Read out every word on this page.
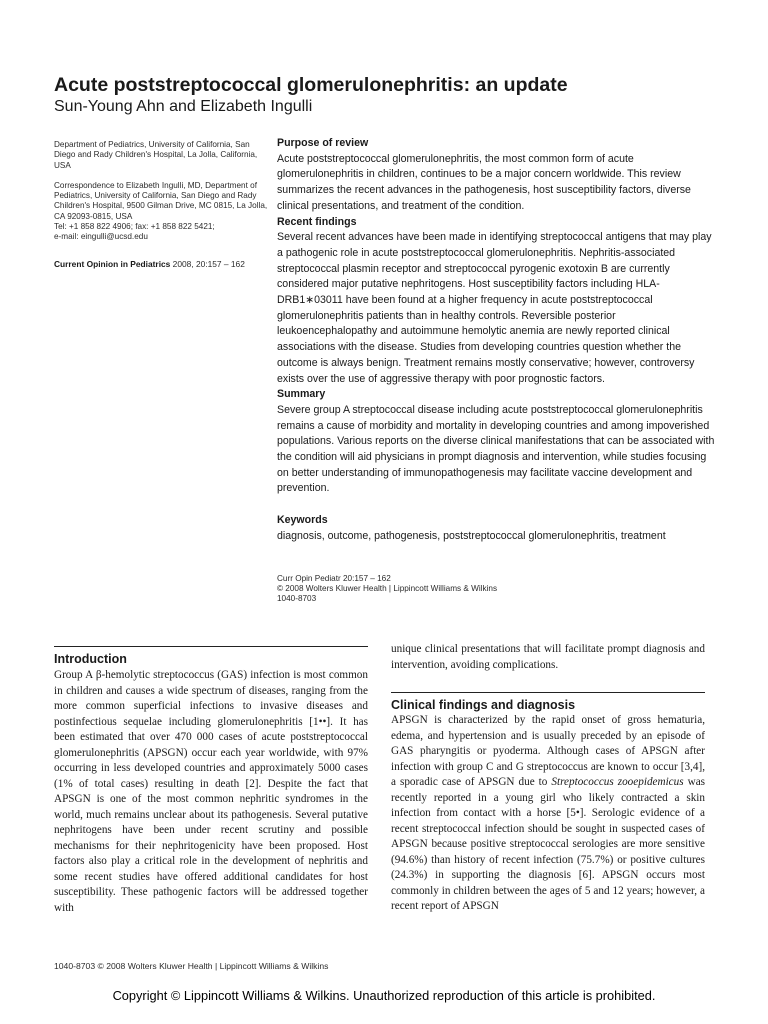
Acute poststreptococcal glomerulonephritis: an update
Sun-Young Ahn and Elizabeth Ingulli

Department of Pediatrics, University of California, San Diego and Rady Children's Hospital, La Jolla, California, USA

Correspondence to Elizabeth Ingulli, MD, Department of Pediatrics, University of California, San Diego and Rady Children's Hospital, 9500 Gilman Drive, MC 0815, La Jolla, CA 92093-0815, USA
Tel: +1 858 822 4906; fax: +1 858 822 5421;
e-mail: eingulli@ucsd.edu

Current Opinion in Pediatrics 2008, 20:157 – 162

Purpose of review

Acute poststreptococcal glomerulonephritis, the most common form of acute glomerulonephritis in children, continues to be a major concern worldwide. This review summarizes the recent advances in the pathogenesis, host susceptibility factors, diverse clinical presentations, and treatment of the condition.

Recent findings

Several recent advances have been made in identifying streptococcal antigens that may play a pathogenic role in acute poststreptococcal glomerulonephritis. Nephritis-associated streptococcal plasmin receptor and streptococcal pyrogenic exotoxin B are currently considered major putative nephritogens. Host susceptibility factors including HLA-DRB1∗03011 have been found at a higher frequency in acute poststreptococcal glomerulonephritis patients than in healthy controls. Reversible posterior leukoencephalopathy and autoimmune hemolytic anemia are newly reported clinical associations with the disease. Studies from developing countries question whether the outcome is always benign. Treatment remains mostly conservative; however, controversy exists over the use of aggressive therapy with poor prognostic factors.

Summary

Severe group A streptococcal disease including acute poststreptococcal glomerulonephritis remains a cause of morbidity and mortality in developing countries and among impoverished populations. Various reports on the diverse clinical manifestations that can be associated with the condition will aid physicians in prompt diagnosis and intervention, while studies focusing on better understanding of immunopathogenesis may facilitate vaccine development and prevention.

Keywords

diagnosis, outcome, pathogenesis, poststreptococcal glomerulonephritis, treatment

Curr Opin Pediatr 20:157 – 162
© 2008 Wolters Kluwer Health | Lippincott Williams & Wilkins
1040-8703
Introduction

Group A β-hemolytic streptococcus (GAS) infection is most common in children and causes a wide spectrum of diseases, ranging from the more common superficial infections to invasive diseases and postinfectious sequelae including glomerulonephritis [1••]. It has been estimated that over 470 000 cases of acute poststreptococcal glomerulonephritis (APSGN) occur each year worldwide, with 97% occurring in less developed countries and approximately 5000 cases (1% of total cases) resulting in death [2]. Despite the fact that APSGN is one of the most common nephritic syndromes in the world, much remains unclear about its pathogenesis. Several putative nephritogens have been under recent scrutiny and possible mechanisms for their nephritogenicity have been proposed. Host factors also play a critical role in the development of nephritis and some recent studies have offered additional candidates for host susceptibility. These pathogenic factors will be addressed together with

unique clinical presentations that will facilitate prompt diagnosis and intervention, avoiding complications.

Clinical findings and diagnosis

APSGN is characterized by the rapid onset of gross hematuria, edema, and hypertension and is usually preceded by an episode of GAS pharyngitis or pyoderma. Although cases of APSGN after infection with group C and G streptococcus are known to occur [3,4], a sporadic case of APSGN due to Streptococcus zooepidemicus was recently reported in a young girl who likely contracted a skin infection from contact with a horse [5•]. Serologic evidence of a recent streptococcal infection should be sought in suspected cases of APSGN because positive streptococcal serologies are more sensitive (94.6%) than history of recent infection (75.7%) or positive cultures (24.3%) in supporting the diagnosis [6]. APSGN occurs most commonly in children between the ages of 5 and 12 years; however, a recent report of APSGN

1040-8703 © 2008 Wolters Kluwer Health | Lippincott Williams & Wilkins
Copyright © Lippincott Williams & Wilkins. Unauthorized reproduction of this article is prohibited.
